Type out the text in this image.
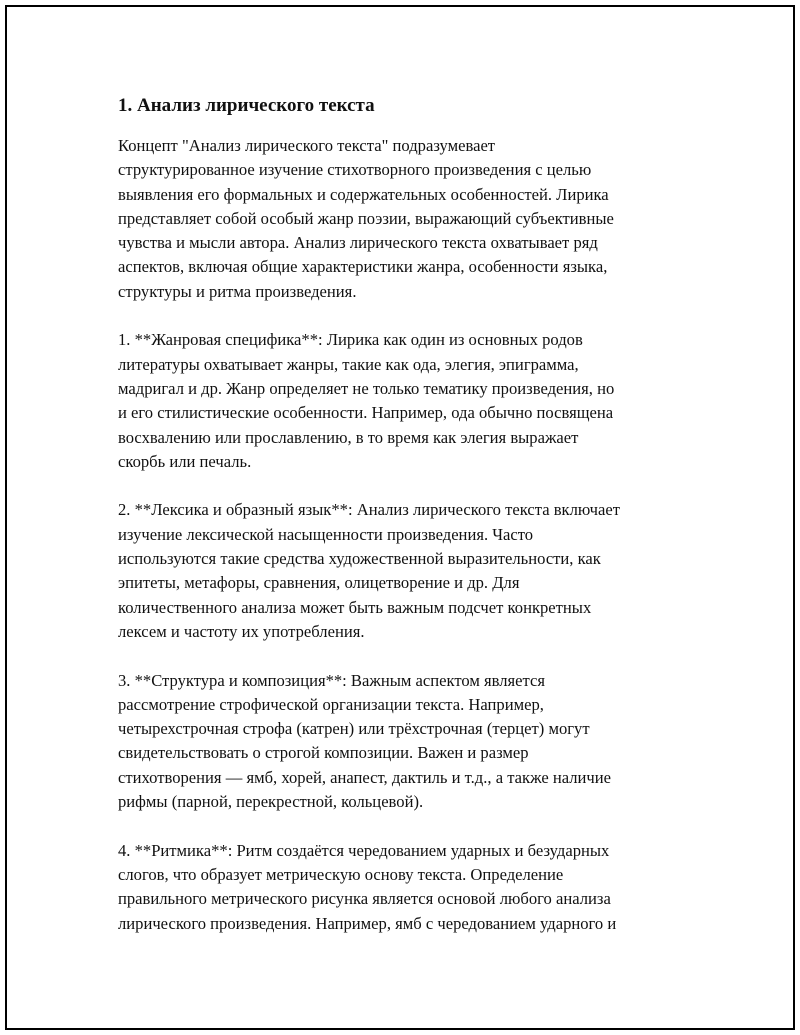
1. Анализ лирического текста

Концепт "Анализ лирического текста" подразумевает
структурированное изучение стихотворного произведения с целью
выявления его формальных и содержательных особенностей. Лирика
представляет собой особый жанр поэзии, выражающий субъективные
чувства и мысли автора. Анализ лирического текста охватывает ряд
аспектов, включая общие характеристики жанра, особенности языка,
структуры и ритма произведения.

1. **Жанровая специфика**: Лирика как один из основных родов
литературы охватывает жанры, такие как ода, элегия, эпиграмма,
мадригал и др. Жанр определяет не только тематику произведения, но
и его стилистические особенности. Например, ода обычно посвящена
восхвалению или прославлению, в то время как элегия выражает
скорбь или печаль.

2. **Лексика и образный язык**: Анализ лирического текста включает
изучение лексической насыщенности произведения. Часто
используются такие средства художественной выразительности, как
эпитеты, метафоры, сравнения, олицетворение и др. Для
количественного анализа может быть важным подсчет конкретных
лексем и частоту их употребления.

3. **Структура и композиция**: Важным аспектом является
рассмотрение строфической организации текста. Например,
четырехстрочная строфа (катрен) или трёхстрочная (терцет) могут
свидетельствовать о строгой композиции. Важен и размер
стихотворения — ямб, хорей, анапест, дактиль и т.д., а также наличие
рифмы (парной, перекрестной, кольцевой).

4. **Ритмика**: Ритм создаётся чередованием ударных и безударных
слогов, что образует метрическую основу текста. Определение
правильного метрического рисунка является основой любого анализа
лирического произведения. Например, ямб с чередованием ударного и
